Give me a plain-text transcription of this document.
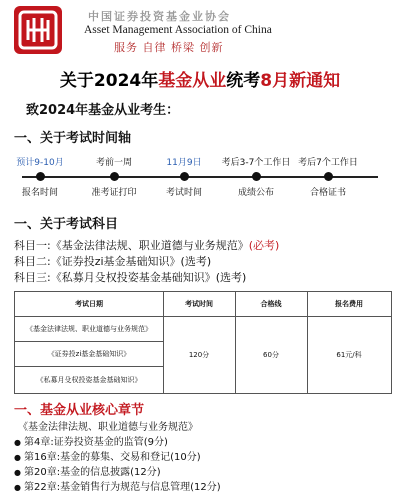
中国证券投资基金业协会
Asset Management Association of China
服务 自律 桥梁 创新
关于2024年基金从业统考8月新通知
致2024年基金从业考生：
一、关于考试时间轴
预计9-10月
报名时间
考前一周
准考证打印
11月9日
考试时间
考后3-7个工作日
成绩公布
考后7个工作日
合格证书
一、关于考试科目
科目一:《基金法律法规、职业道德与业务规范》(必考)
科目二:《证券投zi基金基础知识》(选考)
科目三:《私募月殳权投姿基金基础知识》(选考)
考试日期	考试时间	合格线	报名费用
《基金法律法规、职业道德与业务规范》
《证券投zi基金基础知识》
《私募月殳权投姿基金基础知识》
120分	60分	61元/科
一、基金从业核心章节
《基金法律法规、职业道德与业务规范》
● 第4章:证券投资基金的监管(9分)
● 第16章:基金的募集、交易和登记(10分)
● 第20章:基金的信息披露(12分)
● 第22章:基金销售行为规范与信息管理(12分)
